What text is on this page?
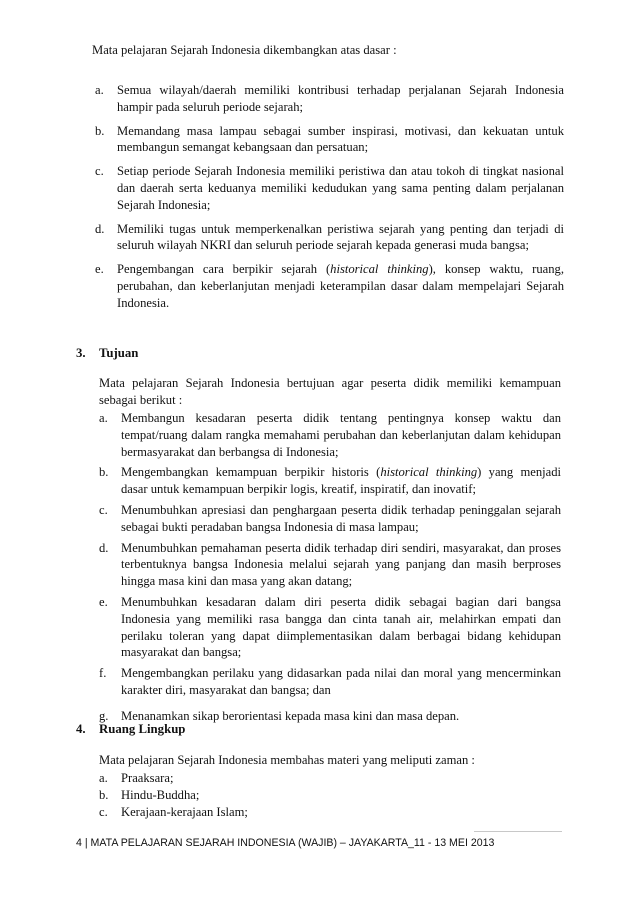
Mata pelajaran Sejarah Indonesia dikembangkan atas dasar :
a. Semua wilayah/daerah memiliki kontribusi terhadap perjalanan Sejarah Indonesia hampir pada seluruh periode sejarah;
b. Memandang masa lampau sebagai sumber inspirasi, motivasi, dan kekuatan untuk membangun semangat kebangsaan dan persatuan;
c. Setiap periode Sejarah Indonesia memiliki peristiwa dan atau tokoh di tingkat nasional dan daerah serta keduanya memiliki kedudukan yang sama penting dalam perjalanan Sejarah Indonesia;
d. Memiliki tugas untuk memperkenalkan peristiwa sejarah yang penting dan terjadi di seluruh wilayah NKRI dan seluruh periode sejarah kepada generasi muda bangsa;
e. Pengembangan cara berpikir sejarah (historical thinking), konsep waktu, ruang, perubahan, dan keberlanjutan menjadi keterampilan dasar dalam mempelajari Sejarah Indonesia.
3. Tujuan
Mata pelajaran Sejarah Indonesia bertujuan agar peserta didik memiliki kemampuan sebagai berikut :
a. Membangun kesadaran peserta didik tentang pentingnya konsep waktu dan tempat/ruang dalam rangka memahami perubahan dan keberlanjutan dalam kehidupan bermasyarakat dan berbangsa di Indonesia;
b. Mengembangkan kemampuan berpikir historis (historical thinking) yang menjadi dasar untuk kemampuan berpikir logis, kreatif, inspiratif, dan inovatif;
c. Menumbuhkan apresiasi dan penghargaan peserta didik terhadap peninggalan sejarah sebagai bukti peradaban bangsa Indonesia di masa lampau;
d. Menumbuhkan pemahaman peserta didik terhadap diri sendiri, masyarakat, dan proses terbentuknya bangsa Indonesia melalui sejarah yang panjang dan masih berproses hingga masa kini dan masa yang akan datang;
e. Menumbuhkan kesadaran dalam diri peserta didik sebagai bagian dari bangsa Indonesia yang memiliki rasa bangga dan cinta tanah air, melahirkan empati dan perilaku toleran yang dapat diimplementasikan dalam berbagai bidang kehidupan masyarakat dan bangsa;
f. Mengembangkan perilaku yang didasarkan pada nilai dan moral yang mencerminkan karakter diri, masyarakat dan bangsa; dan
g. Menanamkan sikap berorientasi kepada masa kini dan masa depan.
4. Ruang Lingkup
Mata pelajaran Sejarah Indonesia membahas materi yang meliputi zaman :
a. Praaksara;
b. Hindu-Buddha;
c. Kerajaan-kerajaan Islam;
4 | MATA PELAJARAN SEJARAH INDONESIA (WAJIB) – JAYAKARTA_11 - 13 MEI 2013
